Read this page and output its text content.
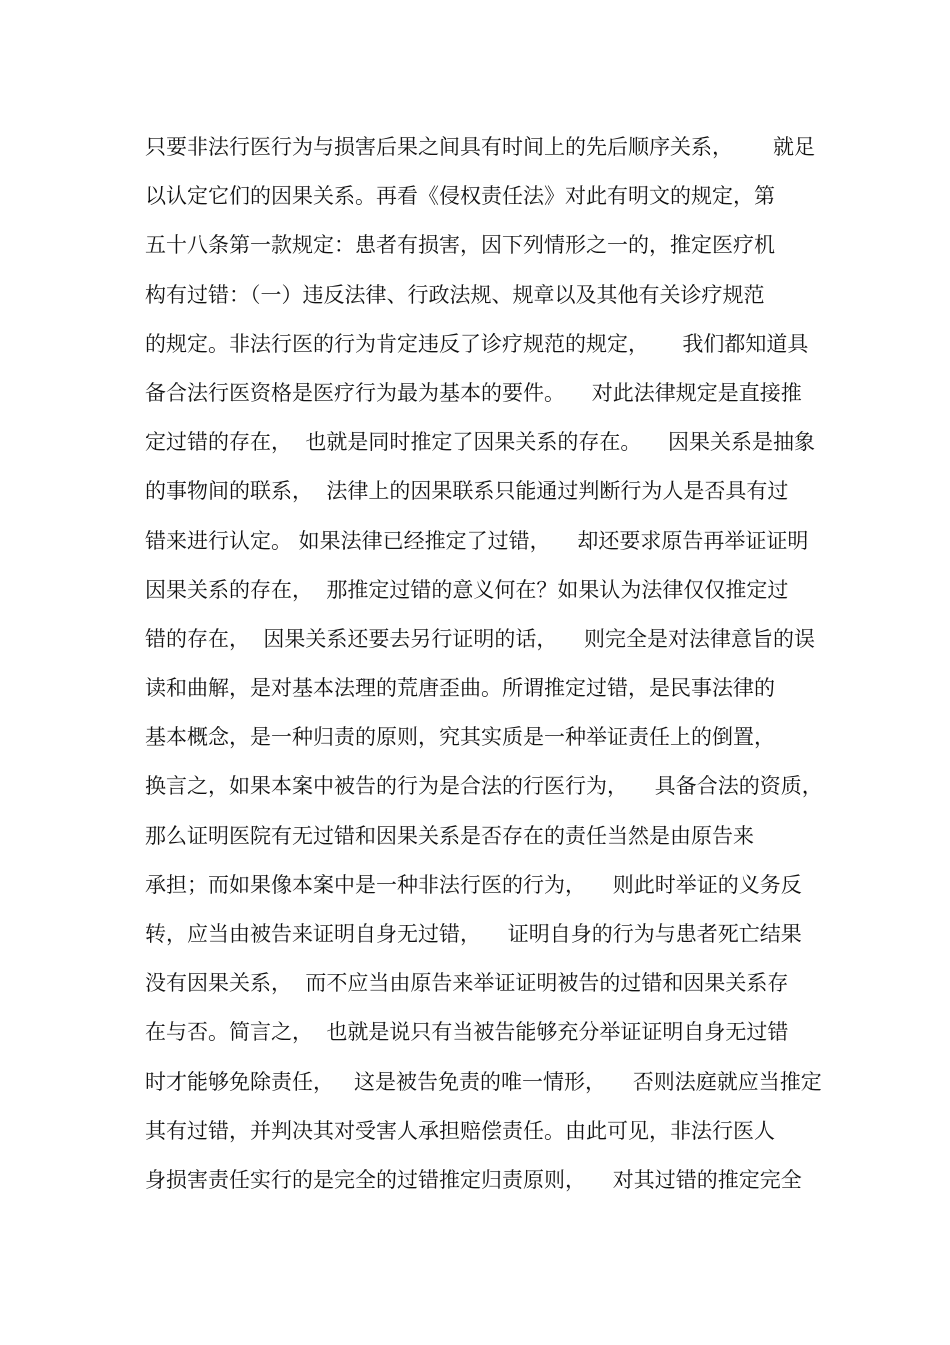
只要非法行医行为与损害后果之间具有时间上的先后顺序关系，      就足
以认定它们的因果关系。再看《侵权责任法》对此有明文的规定，第
五十八条第一款规定：患者有损害，因下列情形之一的，推定医疗机
构有过错：（一）违反法律、行政法规、规章以及其他有关诊疗规范
的规定。非法行医的行为肯定违反了诊疗规范的规定，     我们都知道具
备合法行医资格是医疗行为最为基本的要件。    对此法律规定是直接推
定过错的存在，  也就是同时推定了因果关系的存在。    因果关系是抽象
的事物间的联系，  法律上的因果联系只能通过判断行为人是否具有过
错来进行认定。 如果法律已经推定了过错，    却还要求原告再举证证明
因果关系的存在，  那推定过错的意义何在？如果认为法律仅仅推定过
错的存在，  因果关系还要去另行证明的话，    则完全是对法律意旨的误
读和曲解，是对基本法理的荒唐歪曲。所谓推定过错，是民事法律的
基本概念，是一种归责的原则，究其实质是一种举证责任上的倒置，
换言之，如果本案中被告的行为是合法的行医行为，    具备合法的资质，
那么证明医院有无过错和因果关系是否存在的责任当然是由原告来
承担；而如果像本案中是一种非法行医的行为，    则此时举证的义务反
转，应当由被告来证明自身无过错，    证明自身的行为与患者死亡结果
没有因果关系，  而不应当由原告来举证证明被告的过错和因果关系存
在与否。简言之，  也就是说只有当被告能够充分举证证明自身无过错
时才能够免除责任，   这是被告免责的唯一情形，    否则法庭就应当推定
其有过错，并判决其对受害人承担赔偿责任。由此可见，非法行医人
身损害责任实行的是完全的过错推定归责原则，    对其过错的推定完全
